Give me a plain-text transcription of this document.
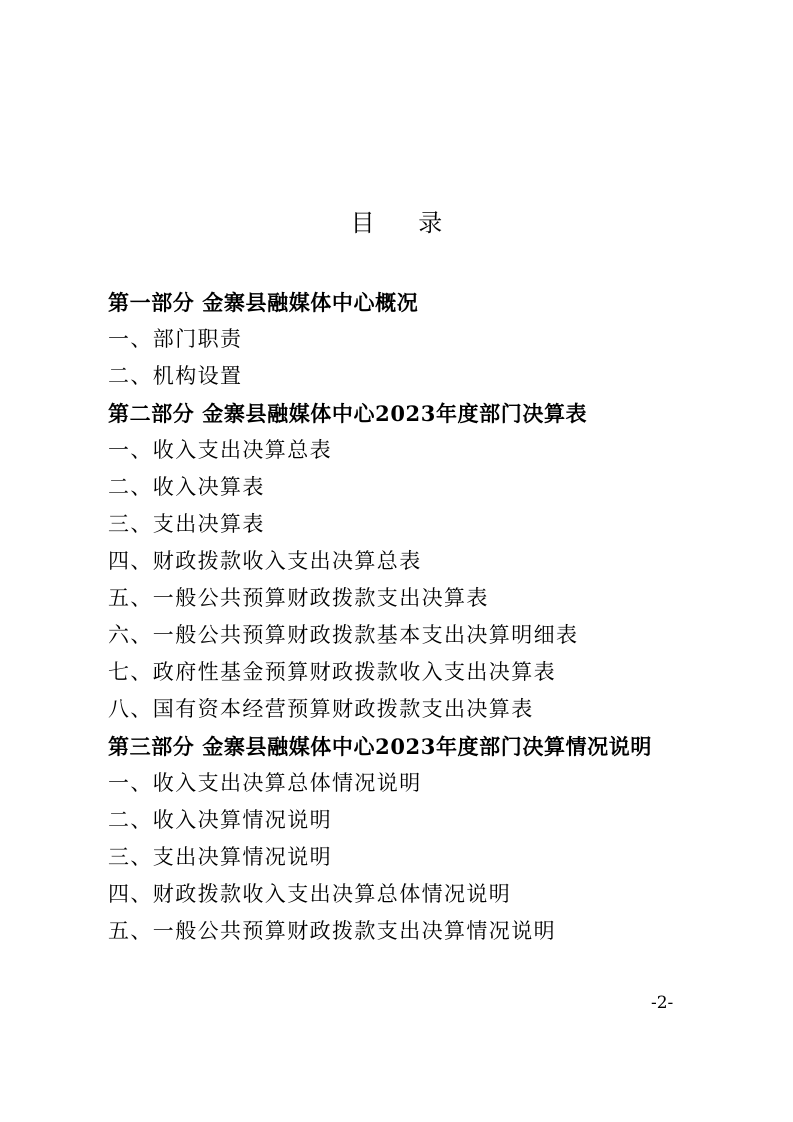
目 录
第一部分 金寨县融媒体中心概况
一、部门职责
二、机构设置
第二部分 金寨县融媒体中心2023年度部门决算表
一、收入支出决算总表
二、收入决算表
三、支出决算表
四、财政拨款收入支出决算总表
五、一般公共预算财政拨款支出决算表
六、一般公共预算财政拨款基本支出决算明细表
七、政府性基金预算财政拨款收入支出决算表
八、国有资本经营预算财政拨款支出决算表
第三部分 金寨县融媒体中心2023年度部门决算情况说明
一、收入支出决算总体情况说明
二、收入决算情况说明
三、支出决算情况说明
四、财政拨款收入支出决算总体情况说明
五、一般公共预算财政拨款支出决算情况说明
-2-
